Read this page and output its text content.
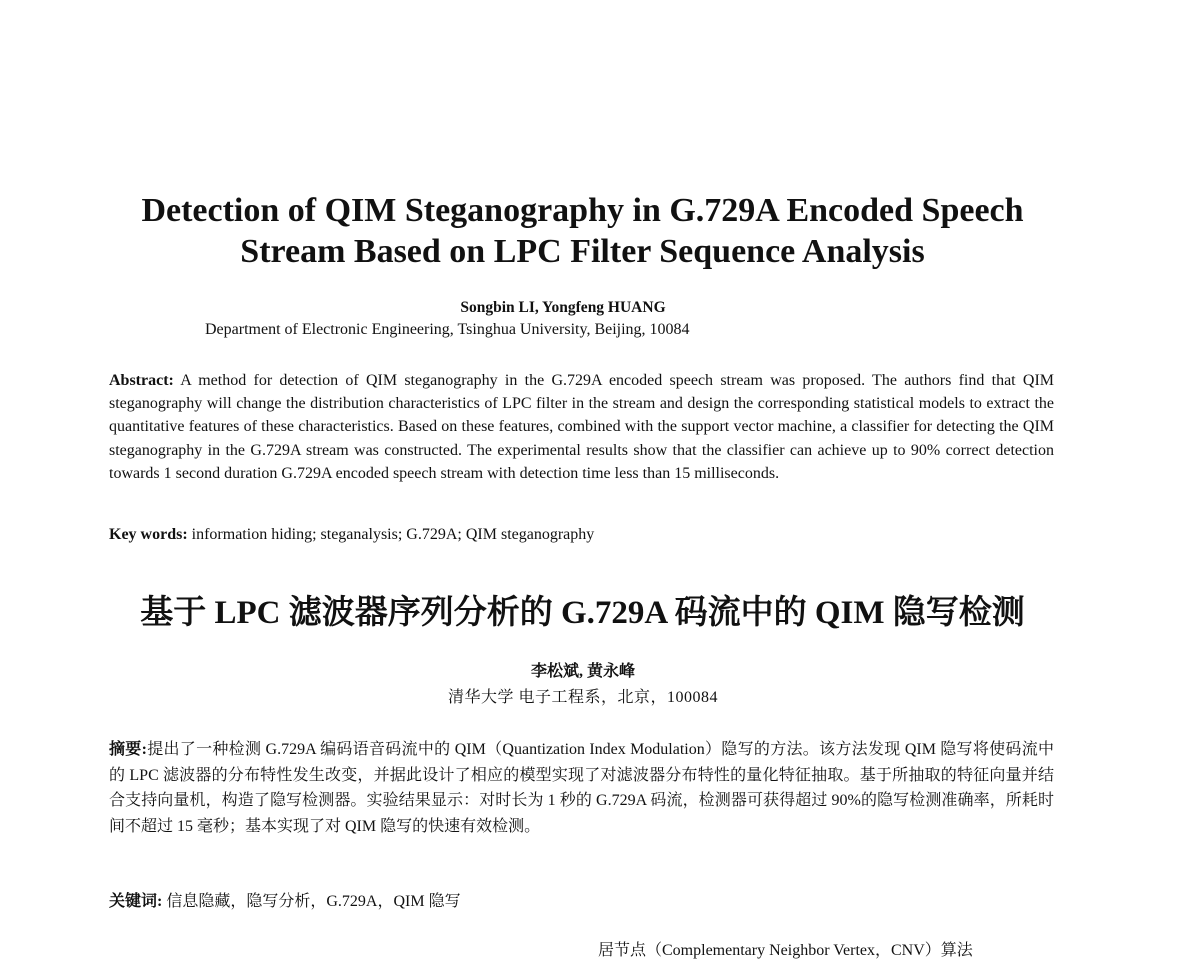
Detection of QIM Steganography in G.729A Encoded Speech
Stream Based on LPC Filter Sequence Analysis
Songbin LI, Yongfeng HUANG
Department of Electronic Engineering, Tsinghua University, Beijing, 10084
Abstract: A method for detection of QIM steganography in the G.729A encoded speech stream was proposed. The authors find that QIM steganography will change the distribution characteristics of LPC filter in the stream and design the corresponding statistical models to extract the quantitative features of these characteristics. Based on these features, combined with the support vector machine, a classifier for detecting the QIM steganography in the G.729A stream was constructed. The experimental results show that the classifier can achieve up to 90% correct detection towards 1 second duration G.729A encoded speech stream with detection time less than 15 milliseconds.
Key words: information hiding; steganalysis; G.729A; QIM steganography
基于 LPC 滤波器序列分析的 G.729A 码流中的 QIM 隐写检测
李松斌, 黄永峰
清华大学 电子工程系，北京，100084
摘要:提出了一种检测 G.729A 编码语音码流中的 QIM（Quantization Index Modulation）隐写的方法。该方法发现 QIM 隐写将使码流中的 LPC 滤波器的分布特性发生改变，并据此设计了相应的模型实现了对滤波器分布特性的量化特征抽取。基于所抽取的特征向量并结合支持向量机，构造了隐写检测器。实验结果显示：对时长为 1 秒的 G.729A 码流，检测器可获得超过 90%的隐写检测准确率，所耗时间不超过 15 毫秒；基本实现了对 QIM 隐写的快速有效检测。
关键词: 信息隐藏，隐写分析，G.729A，QIM 隐写
居节点（Complementary Neighbor Vertex，CNV）算法
